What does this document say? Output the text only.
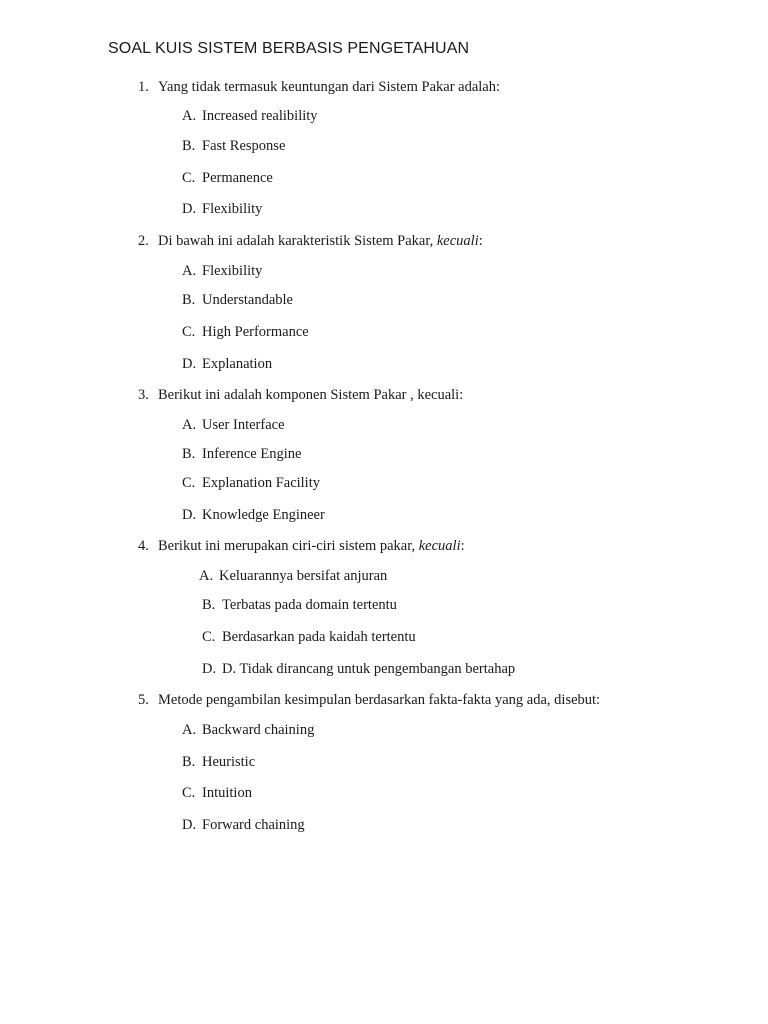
SOAL KUIS SISTEM BERBASIS PENGETAHUAN
1. Yang tidak termasuk keuntungan dari Sistem Pakar adalah:
A. Increased realibility
B. Fast Response
C. Permanence
D. Flexibility
2. Di bawah ini adalah karakteristik Sistem Pakar, kecuali:
A. Flexibility
B. Understandable
C. High Performance
D. Explanation
3. Berikut ini adalah komponen Sistem Pakar , kecuali:
A. User Interface
B. Inference Engine
C. Explanation Facility
D. Knowledge Engineer
4. Berikut ini merupakan ciri-ciri sistem pakar, kecuali:
A. Keluarannya bersifat anjuran
B. Terbatas pada domain tertentu
C. Berdasarkan pada kaidah tertentu
D. D. Tidak dirancang untuk pengembangan bertahap
5. Metode pengambilan kesimpulan berdasarkan fakta-fakta yang ada, disebut:
A. Backward chaining
B. Heuristic
C. Intuition
D. Forward chaining
